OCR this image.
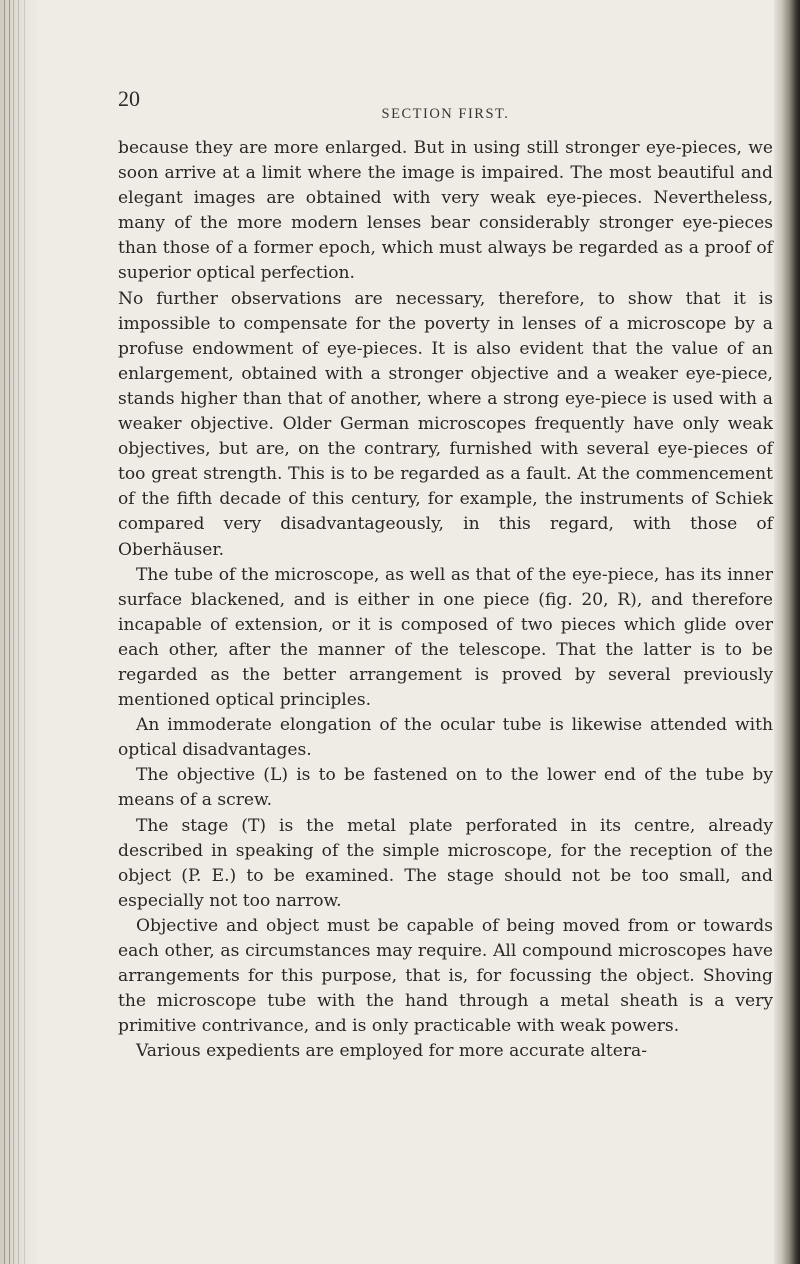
20
SECTION FIRST.

because they are more enlarged. But in using still stronger eye-pieces, we soon arrive at a limit where the image is impaired. The most beautiful and elegant images are obtained with very weak eye-pieces. Nevertheless, many of the more modern lenses bear considerably stronger eye-pieces than those of a former epoch, which must always be regarded as a proof of superior optical perfection.

No further observations are necessary, therefore, to show that it is impossible to compensate for the poverty in lenses of a microscope by a profuse endowment of eye-pieces. It is also evident that the value of an enlargement, obtained with a stronger objective and a weaker eye-piece, stands higher than that of another, where a strong eye-piece is used with a weaker objective. Older German microscopes frequently have only weak objectives, but are, on the contrary, furnished with several eye-pieces of too great strength. This is to be regarded as a fault. At the commencement of the fifth decade of this century, for example, the instruments of Schiek compared very disadvantageously, in this regard, with those of Oberhäuser.

The tube of the microscope, as well as that of the eye-piece, has its inner surface blackened, and is either in one piece (fig. 20, R), and therefore incapable of extension, or it is composed of two pieces which glide over each other, after the manner of the telescope. That the latter is to be regarded as the better arrangement is proved by several previously mentioned optical principles.

An immoderate elongation of the ocular tube is likewise attended with optical disadvantages.

The objective (L) is to be fastened on to the lower end of the tube by means of a screw.

The stage (T) is the metal plate perforated in its centre, already described in speaking of the simple microscope, for the reception of the object (P. E.) to be examined. The stage should not be too small, and especially not too narrow.

Objective and object must be capable of being moved from or towards each other, as circumstances may require. All compound microscopes have arrangements for this purpose, that is, for focussing the object. Shoving the microscope tube with the hand through a metal sheath is a very primitive contrivance, and is only practicable with weak powers.

Various expedients are employed for more accurate altera-
